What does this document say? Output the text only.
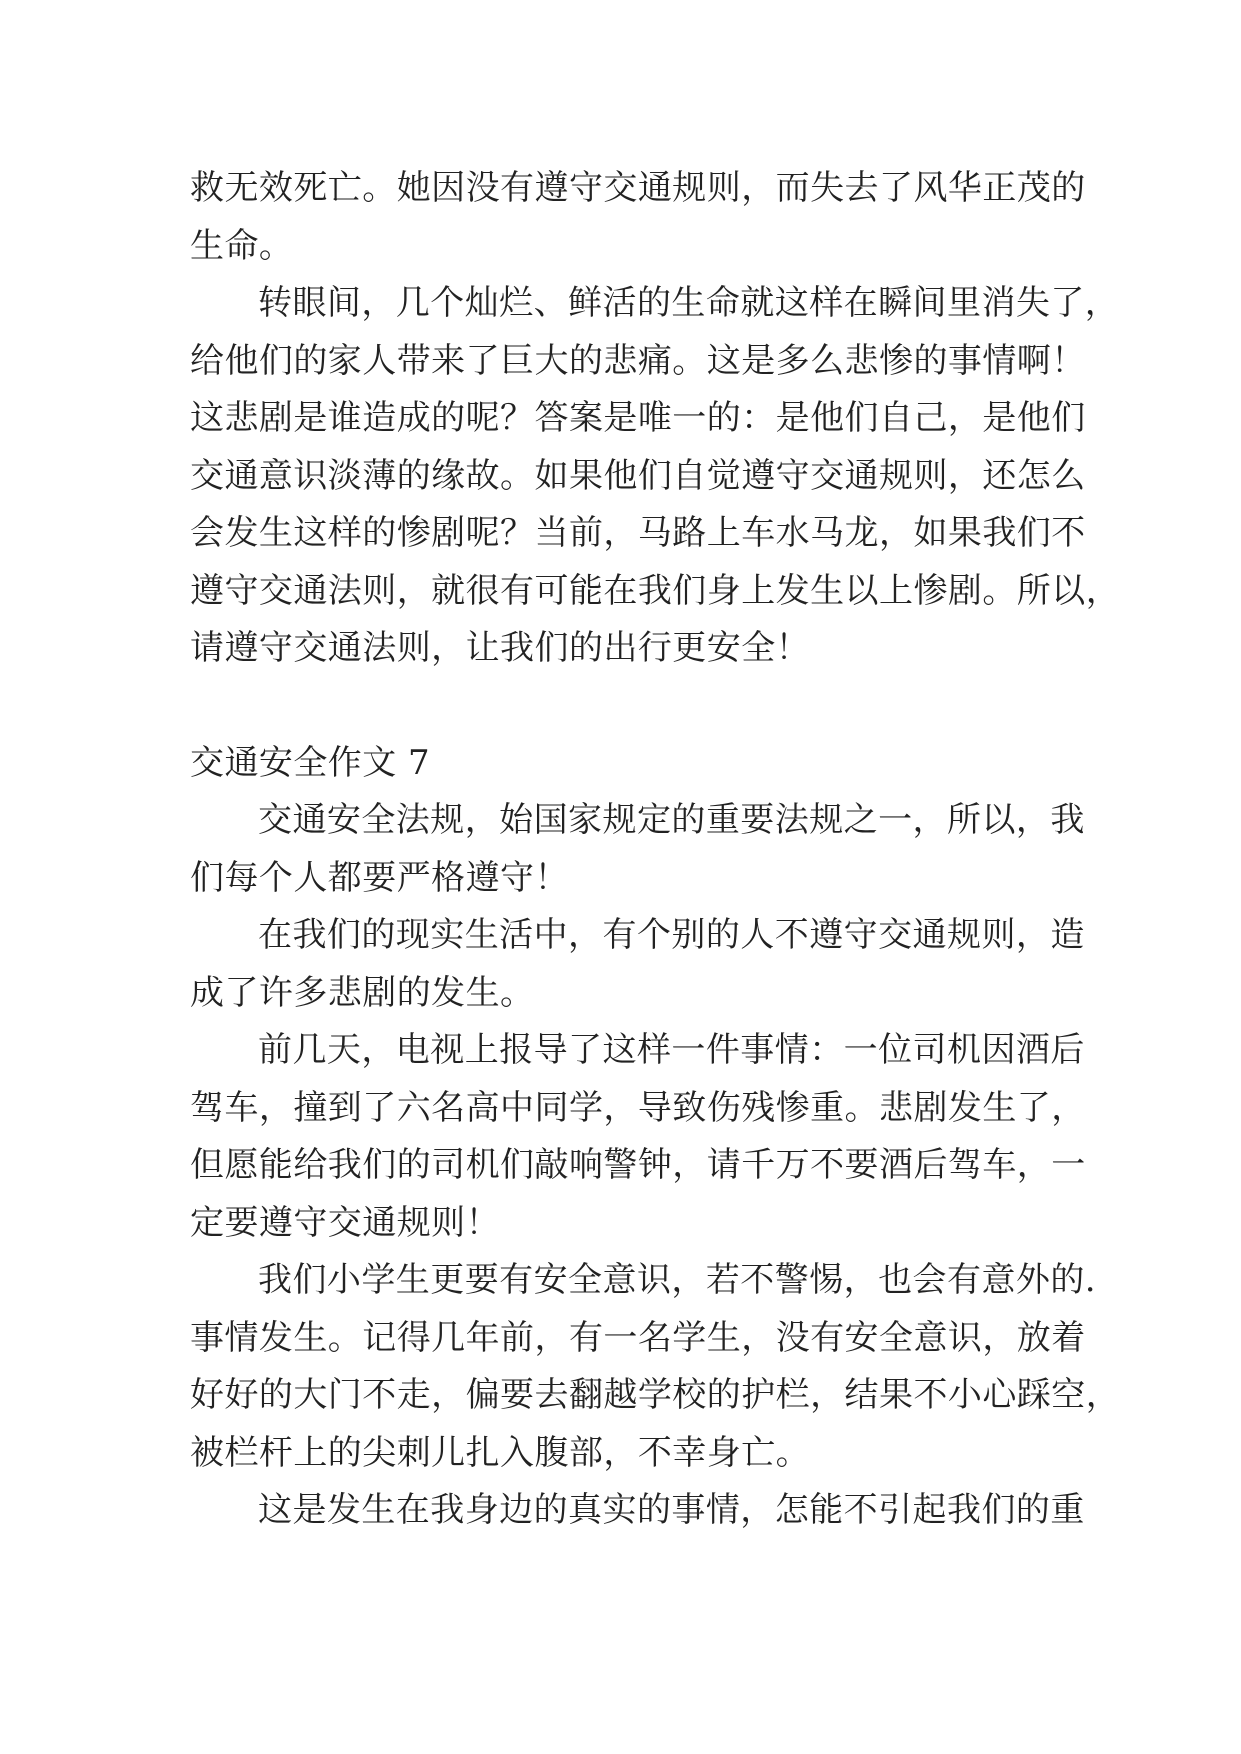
救无效死亡。她因没有遵守交通规则，而失去了风华正茂的
生命。
转眼间，几个灿烂、鲜活的生命就这样在瞬间里消失了，
给他们的家人带来了巨大的悲痛。这是多么悲惨的事情啊！
这悲剧是谁造成的呢？答案是唯一的：是他们自己，是他们
交通意识淡薄的缘故。如果他们自觉遵守交通规则，还怎么
会发生这样的惨剧呢？当前，马路上车水马龙，如果我们不
遵守交通法则，就很有可能在我们身上发生以上惨剧。所以，
请遵守交通法则，让我们的出行更安全！
交通安全作文 7
交通安全法规，始国家规定的重要法规之一，所以，我
们每个人都要严格遵守！
在我们的现实生活中，有个别的人不遵守交通规则，造
成了许多悲剧的发生。
前几天，电视上报导了这样一件事情：一位司机因酒后
驾车，撞到了六名高中同学，导致伤残惨重。悲剧发生了，
但愿能给我们的司机们敲响警钟，请千万不要酒后驾车，一
定要遵守交通规则！
我们小学生更要有安全意识，若不警惕，也会有意外的.
事情发生。记得几年前，有一名学生，没有安全意识，放着
好好的大门不走，偏要去翻越学校的护栏，结果不小心踩空，
被栏杆上的尖刺儿扎入腹部，不幸身亡。
这是发生在我身边的真实的事情，怎能不引起我们的重
